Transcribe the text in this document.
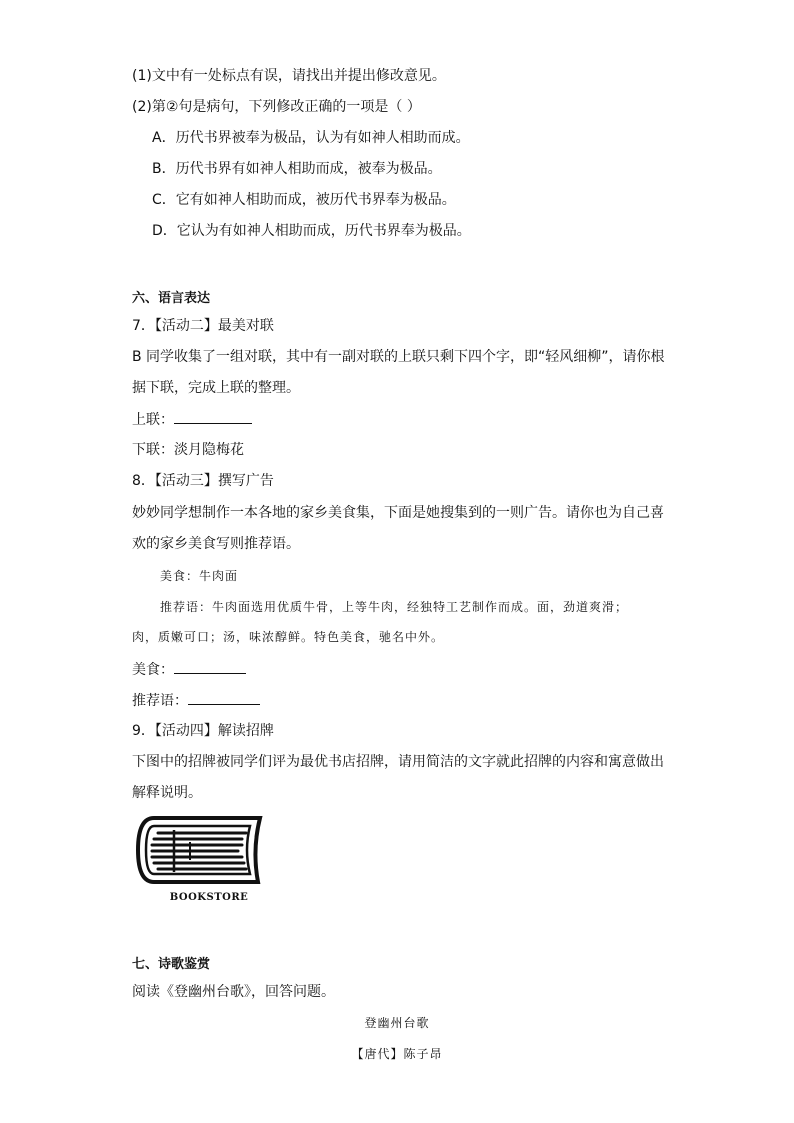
(1)文中有一处标点有误，请找出并提出修改意见。
(2)第②句是病句，下列修改正确的一项是（ ）
A．历代书界被奉为极品，认为有如神人相助而成。
B．历代书界有如神人相助而成，被奉为极品。
C．它有如神人相助而成，被历代书界奉为极品。
D．它认为有如神人相助而成，历代书界奉为极品。
六、语言表达
7．【活动二】最美对联
B 同学收集了一组对联，其中有一副对联的上联只剩下四个字，即“轻风细柳”，请你根
据下联，完成上联的整理。
上联：
下联：淡月隐梅花
8．【活动三】撰写广告
妙妙同学想制作一本各地的家乡美食集，下面是她搜集到的一则广告。请你也为自己喜
欢的家乡美食写则推荐语。
美食：牛肉面
推荐语：牛肉面选用优质牛骨，上等牛肉，经独特工艺制作而成。面，劲道爽滑；
肉，质嫩可口；汤，味浓醇鲜。特色美食，驰名中外。
美食：
推荐语：
9．【活动四】解读招牌
下图中的招牌被同学们评为最优书店招牌，请用简洁的文字就此招牌的内容和寓意做出
解释说明。
BOOKSTORE
七、诗歌鉴赏
阅读《登幽州台歌》，回答问题。
登幽州台歌
【唐代】陈子昂
